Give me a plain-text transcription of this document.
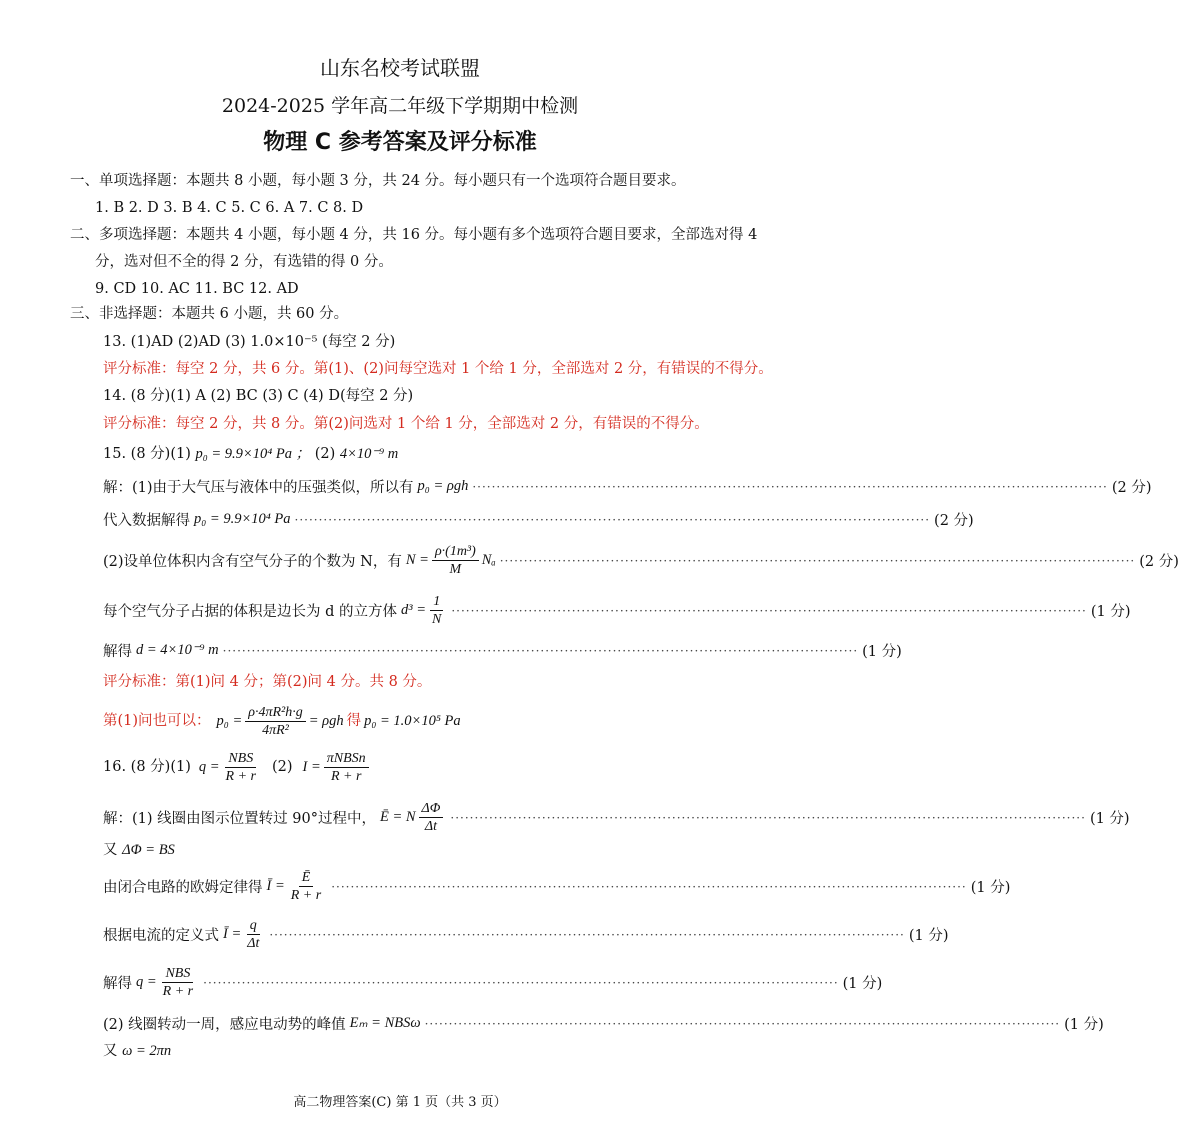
山东名校考试联盟
2024-2025 学年高二年级下学期期中检测
物理 C 参考答案及评分标准
一、单项选择题：本题共 8 小题，每小题 3 分，共 24 分。每小题只有一个选项符合题目要求。
1. B 2. D 3. B 4. C 5. C 6. A 7. C 8. D
二、多项选择题：本题共 4 小题，每小题 4 分，共 16 分。每小题有多个选项符合题目要求，全部选对得 4
分，选对但不全的得 2 分，有选错的得 0 分。
9. CD 10. AC 11. BC 12. AD
三、非选择题：本题共 6 小题，共 60 分。
13. (1)AD (2)AD (3) 1.0×10⁻⁵ (每空 2 分)
评分标准：每空 2 分，共 6 分。第(1)、(2)问每空选对 1 个给 1 分，全部选对 2 分，有错误的不得分。
14. (8 分)(1) A (2) BC (3) C (4) D(每空 2 分)
评分标准：每空 2 分，共 8 分。第(2)问选对 1 个给 1 分，全部选对 2 分，有错误的不得分。
15. (8 分)(1) p₀ = 9.9×10⁴ Pa ； (2) 4×10⁻⁹ m
解：(1)由于大气压与液体中的压强类似，所以有 p₀ = ρgh ···································································································································· (2 分)
代入数据解得 p₀ = 9.9×10⁴ Pa ···································································································································· (2 分)
(2)设单位体积内含有空气分子的个数为 N，有 $N = \frac{\text{ρ·(1m³)}}{M}$ Nₐ ···································································································································· (2 分)
每个空气分子占据的体积是边长为 d 的立方体 $d^3 = \frac{1}{N}$ ···································································································································· (1 分)
解得 d = 4×10⁻⁹ m ···································································································································· (1 分)
评分标准：第(1)问 4 分；第(2)问 4 分。共 8 分。
第(1)问也可以： $p_0 = \frac{\text{ρ·4πR²h·g}}{\text{4πR²}} = \rho gh$ 得 p₀ = 1.0×10⁵ Pa
16. (8 分)(1) $q = \frac{\text{NBS}}{R + r} (2) I = \frac{\text{πNBSn}}{R + r}$
解：(1) 线圈由图示位置转过 90°过程中， Ē = N $\frac{\Delta\Phi}{\Delta t}$ ···································································································································· (1 分)
又 ΔΦ = BS
由闭合电路的欧姆定律得 Ī = $\frac{Ē}{R + r}$ ···································································································································· (1 分)
根据电流的定义式 Ī = $\frac{q}{\Delta t}$ ···································································································································· (1 分)
解得 $q = \frac{\text{NBS}}{R + r}$ ···································································································································· (1 分)
(2) 线圈转动一周，感应电动势的峰值 Eₘ = NBSω ···································································································································· (1 分)
又 ω = 2πn
高二物理答案(C) 第 1 页（共 3 页）
